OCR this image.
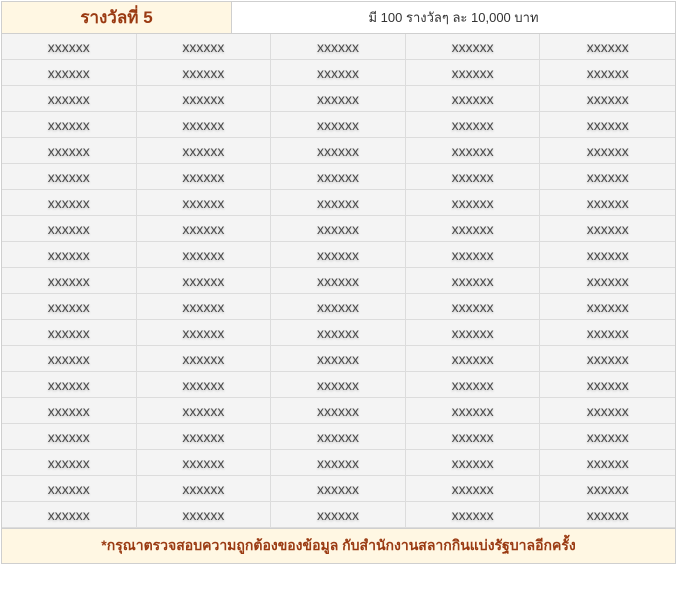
รางวัลที่ 5	มี 100 รางวัลๆ ละ 10,000 บาท
xxxxxx	xxxxxx	xxxxxx	xxxxxx	xxxxxx
xxxxxx	xxxxxx	xxxxxx	xxxxxx	xxxxxx
xxxxxx	xxxxxx	xxxxxx	xxxxxx	xxxxxx
xxxxxx	xxxxxx	xxxxxx	xxxxxx	xxxxxx
xxxxxx	xxxxxx	xxxxxx	xxxxxx	xxxxxx
xxxxxx	xxxxxx	xxxxxx	xxxxxx	xxxxxx
xxxxxx	xxxxxx	xxxxxx	xxxxxx	xxxxxx
xxxxxx	xxxxxx	xxxxxx	xxxxxx	xxxxxx
xxxxxx	xxxxxx	xxxxxx	xxxxxx	xxxxxx
xxxxxx	xxxxxx	xxxxxx	xxxxxx	xxxxxx
xxxxxx	xxxxxx	xxxxxx	xxxxxx	xxxxxx
xxxxxx	xxxxxx	xxxxxx	xxxxxx	xxxxxx
xxxxxx	xxxxxx	xxxxxx	xxxxxx	xxxxxx
xxxxxx	xxxxxx	xxxxxx	xxxxxx	xxxxxx
xxxxxx	xxxxxx	xxxxxx	xxxxxx	xxxxxx
xxxxxx	xxxxxx	xxxxxx	xxxxxx	xxxxxx
xxxxxx	xxxxxx	xxxxxx	xxxxxx	xxxxxx
xxxxxx	xxxxxx	xxxxxx	xxxxxx	xxxxxx
xxxxxx	xxxxxx	xxxxxx	xxxxxx	xxxxxx
*กรุณาตรวจสอบความถูกต้องของข้อมูล กับสำนักงานสลากกินแบ่งรัฐบาลอีกครั้ง
